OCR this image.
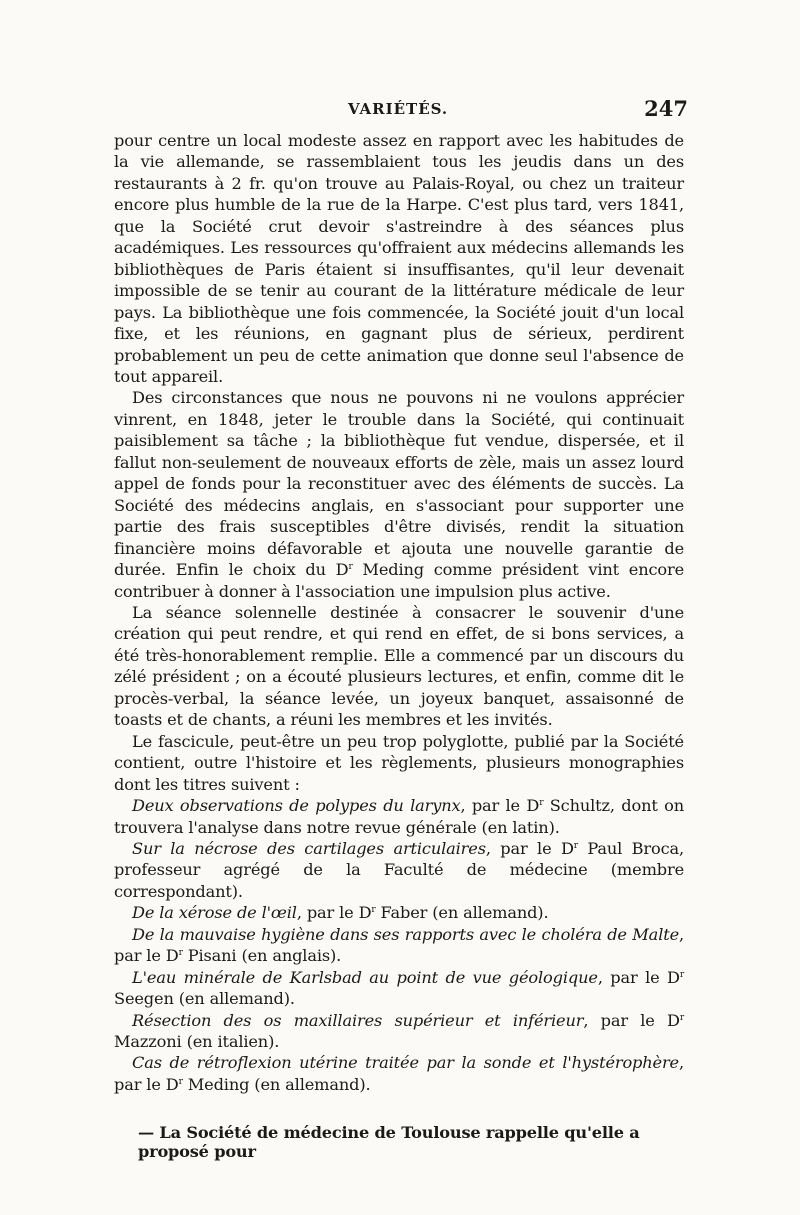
VARIÉTÉS.	247

pour centre un local modeste assez en rapport avec les habitudes de la vie allemande, se rassemblaient tous les jeudis dans un des restaurants à 2 fr. qu'on trouve au Palais-Royal, ou chez un traiteur encore plus humble de la rue de la Harpe. C'est plus tard, vers 1841, que la Société crut devoir s'astreindre à des séances plus académiques. Les ressources qu'offraient aux médecins allemands les bibliothèques de Paris étaient si insuffisantes, qu'il leur devenait impossible de se tenir au courant de la littérature médicale de leur pays. La bibliothèque une fois commencée, la Société jouit d'un local fixe, et les réunions, en gagnant plus de sérieux, perdirent probablement un peu de cette animation que donne seul l'absence de tout appareil.

Des circonstances que nous ne pouvons ni ne voulons apprécier vinrent, en 1848, jeter le trouble dans la Société, qui continuait paisiblement sa tâche ; la bibliothèque fut vendue, dispersée, et il fallut non-seulement de nouveaux efforts de zèle, mais un assez lourd appel de fonds pour la reconstituer avec des éléments de succès. La Société des médecins anglais, en s'associant pour supporter une partie des frais susceptibles d'être divisés, rendit la situation financière moins défavorable et ajouta une nouvelle garantie de durée. Enfin le choix du $D^r$ Meding comme président vint encore contribuer à donner à l'association une impulsion plus active.

La séance solennelle destinée à consacrer le souvenir d'une création qui peut rendre, et qui rend en effet, de si bons services, a été très-honorablement remplie. Elle a commencé par un discours du zélé président ; on a écouté plusieurs lectures, et enfin, comme dit le procès-verbal, la séance levée, un joyeux banquet, assaisonné de toasts et de chants, a réuni les membres et les invités.

Le fascicule, peut-être un peu trop polyglotte, publié par la Société contient, outre l'histoire et les règlements, plusieurs monographies dont les titres suivent :

Deux observations de polypes du larynx, par le $D^r$ Schultz, dont on trouvera l'analyse dans notre revue générale (en latin).

Sur la nécrose des cartilages articulaires, par le $D^r$ Paul Broca, professeur agrégé de la Faculté de médecine (membre correspondant).

De la xérose de l'œil, par le $D^r$ Faber (en allemand).

De la mauvaise hygiène dans ses rapports avec le choléra de Malte, par le $D^r$ Pisani (en anglais).

L'eau minérale de Karlsbad au point de vue géologique, par le $D^r$ Seegen (en allemand).

Résection des os maxillaires supérieur et inférieur, par le $D^r$ Mazzoni (en italien).

Cas de rétroflexion utérine traitée par la sonde et l'hystérophère, par le $D^r$ Meding (en allemand).

— La Société de médecine de Toulouse rappelle qu'elle a proposé pour
